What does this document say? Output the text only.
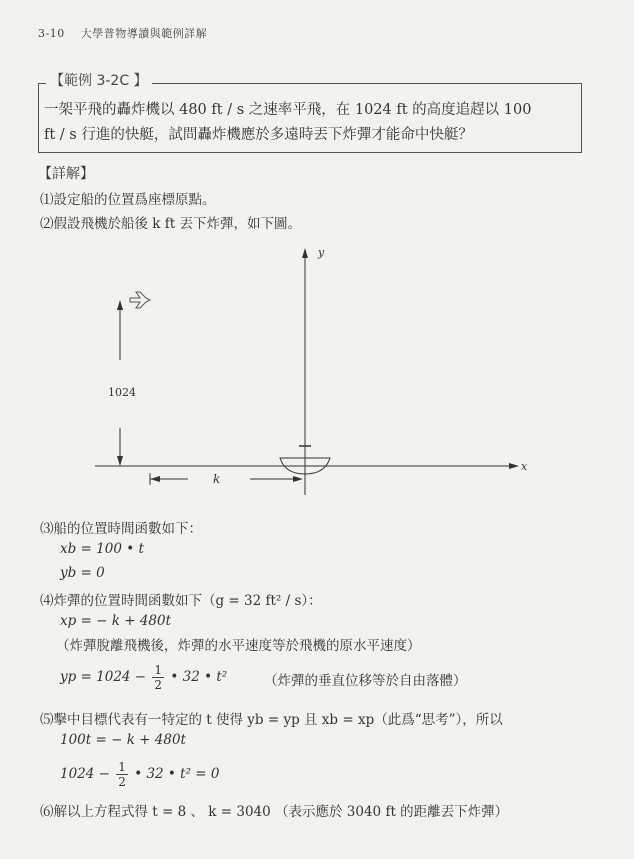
3-10 大學普物導讀與範例詳解
【範例 3-2C 】
一架平飛的轟炸機以 480 ft / s 之速率平飛，在 1024 ft 的高度追趕以 100
ft / s 行進的快艇，試問轟炸機應於多遠時丟下炸彈才能命中快艇？
【詳解】
⑴設定船的位置爲座標原點。
⑵假設飛機於船後 k ft 丟下炸彈，如下圖。
y
x
1024
k
⑶船的位置時間函數如下：
xb = 100 • t
yb = 0
⑷炸彈的位置時間函數如下（g = 32 ft² / s）：
xp = − k + 480t
（炸彈脫離飛機後，炸彈的水平速度等於飛機的原水平速度）
yp = $1024 - \frac{1}{2}$ • 32 • t²	（炸彈的垂直位移等於自由落體）
⑸擊中目標代表有一特定的 t 使得 yb = yp 且 xb = xp（此爲“思考”），所以
100t = − k + 480t
$1024 - \frac{1}{2}$ • 32 • t² = 0
⑹解以上方程式得 t = 8 、 k = 3040 （表示應於 3040 ft 的距離丟下炸彈）
